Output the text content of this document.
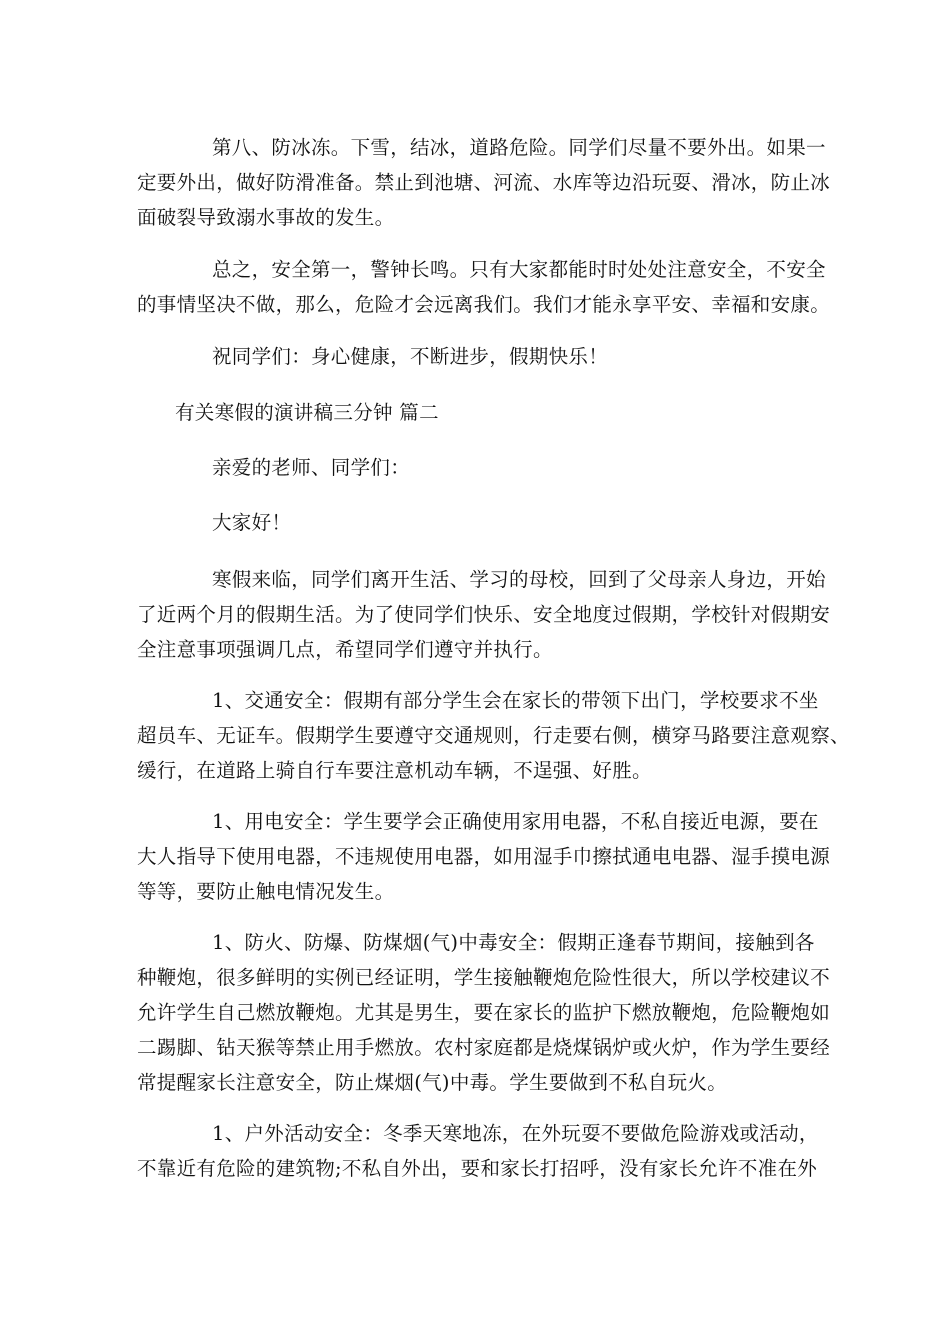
第八、防冰冻。下雪，结冰，道路危险。同学们尽量不要外出。如果一
定要外出，做好防滑准备。禁止到池塘、河流、水库等边沿玩耍、滑冰，防止冰
面破裂导致溺水事故的发生。
总之，安全第一，警钟长鸣。只有大家都能时时处处注意安全，不安全
的事情坚决不做，那么，危险才会远离我们。我们才能永享平安、幸福和安康。
祝同学们：身心健康，不断进步，假期快乐！
有关寒假的演讲稿三分钟 篇二
亲爱的老师、同学们：
大家好！
寒假来临，同学们离开生活、学习的母校，回到了父母亲人身边，开始
了近两个月的假期生活。为了使同学们快乐、安全地度过假期，学校针对假期安
全注意事项强调几点，希望同学们遵守并执行。
1、交通安全：假期有部分学生会在家长的带领下出门，学校要求不坐
超员车、无证车。假期学生要遵守交通规则，行走要右侧，横穿马路要注意观察、
缓行，在道路上骑自行车要注意机动车辆，不逞强、好胜。
1、用电安全：学生要学会正确使用家用电器，不私自接近电源，要在
大人指导下使用电器，不违规使用电器，如用湿手巾擦拭通电电器、湿手摸电源
等等，要防止触电情况发生。
1、防火、防爆、防煤烟(气)中毒安全：假期正逢春节期间，接触到各
种鞭炮，很多鲜明的实例已经证明，学生接触鞭炮危险性很大，所以学校建议不
允许学生自己燃放鞭炮。尤其是男生，要在家长的监护下燃放鞭炮，危险鞭炮如
二踢脚、钻天猴等禁止用手燃放。农村家庭都是烧煤锅炉或火炉，作为学生要经
常提醒家长注意安全，防止煤烟(气)中毒。学生要做到不私自玩火。
1、户外活动安全：冬季天寒地冻，在外玩耍不要做危险游戏或活动，
不靠近有危险的建筑物;不私自外出，要和家长打招呼，没有家长允许不准在外
